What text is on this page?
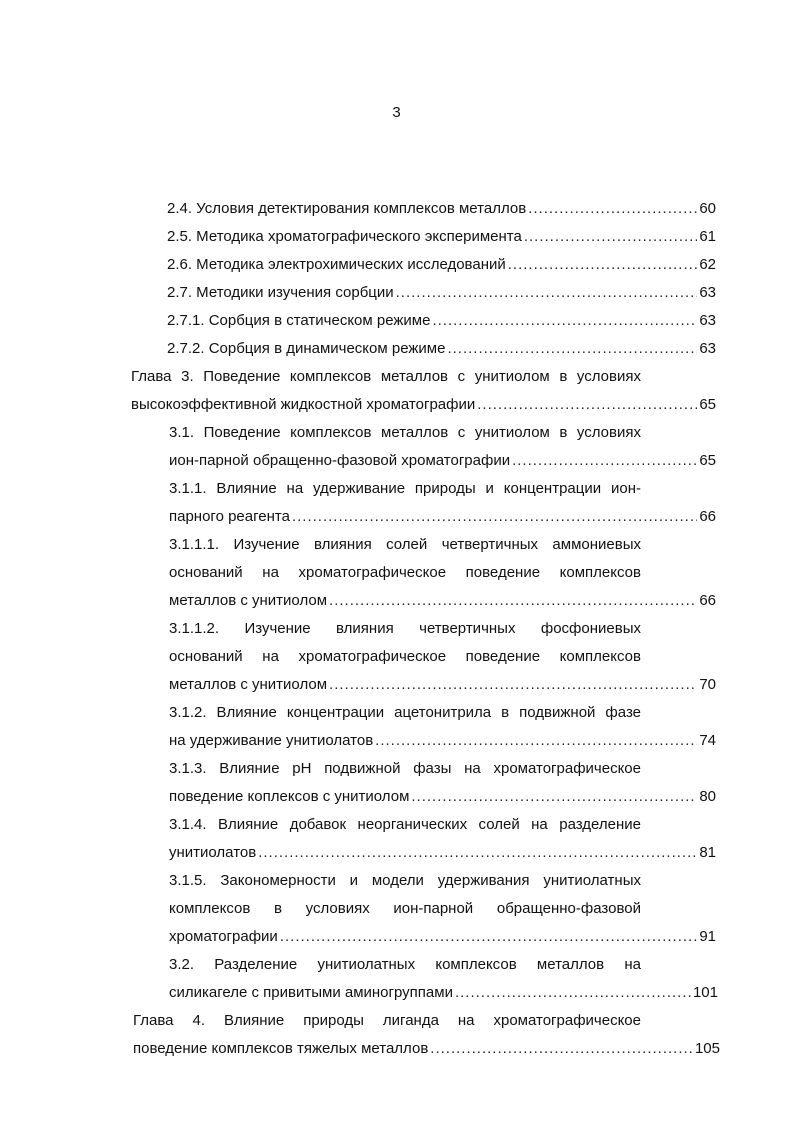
3
2.4. Условия детектирования комплексов металлов .....	60
2.5. Методика хроматографического эксперимента .....	61
2.6. Методика электрохимических исследований .....	62
2.7. Методики изучения сорбции .....	63
2.7.1. Сорбция в статическом режиме .....	63
2.7.2. Сорбция в динамическом режиме .....	63
Глава 3. Поведение комплексов металлов с унитиолом в условиях
высокоэффективной жидкостной хроматографии .....	65
3.1. Поведение комплексов металлов с унитиолом в условиях
ион-парной обращенно-фазовой хроматографии .....	65
3.1.1. Влияние на удерживание природы и концентрации ион-
парного реагента .....	66
3.1.1.1. Изучение влияния солей четвертичных аммониевых
оснований на хроматографическое поведение комплексов
металлов с унитиолом .....	66
3.1.1.2. Изучение влияния четвертичных фосфониевых
оснований на хроматографическое поведение комплексов
металлов с унитиолом .....	70
3.1.2. Влияние концентрации ацетонитрила в подвижной фазе
на удерживание унитиолатов .....	74
3.1.3. Влияние pH подвижной фазы на хроматографическое
поведение коплексов с унитиолом .....	80
3.1.4. Влияние добавок неорганических солей на разделение
унитиолатов .....	81
3.1.5. Закономерности и модели удерживания унитиолатных
комплексов в условиях ион-парной обращенно-фазовой
хроматографии .....	91
3.2. Разделение унитиолатных комплексов металлов на
силикагеле с привитыми аминогруппами .....	101
Глава 4. Влияние природы лиганда на хроматографическое
поведение комплексов тяжелых металлов .....	105
